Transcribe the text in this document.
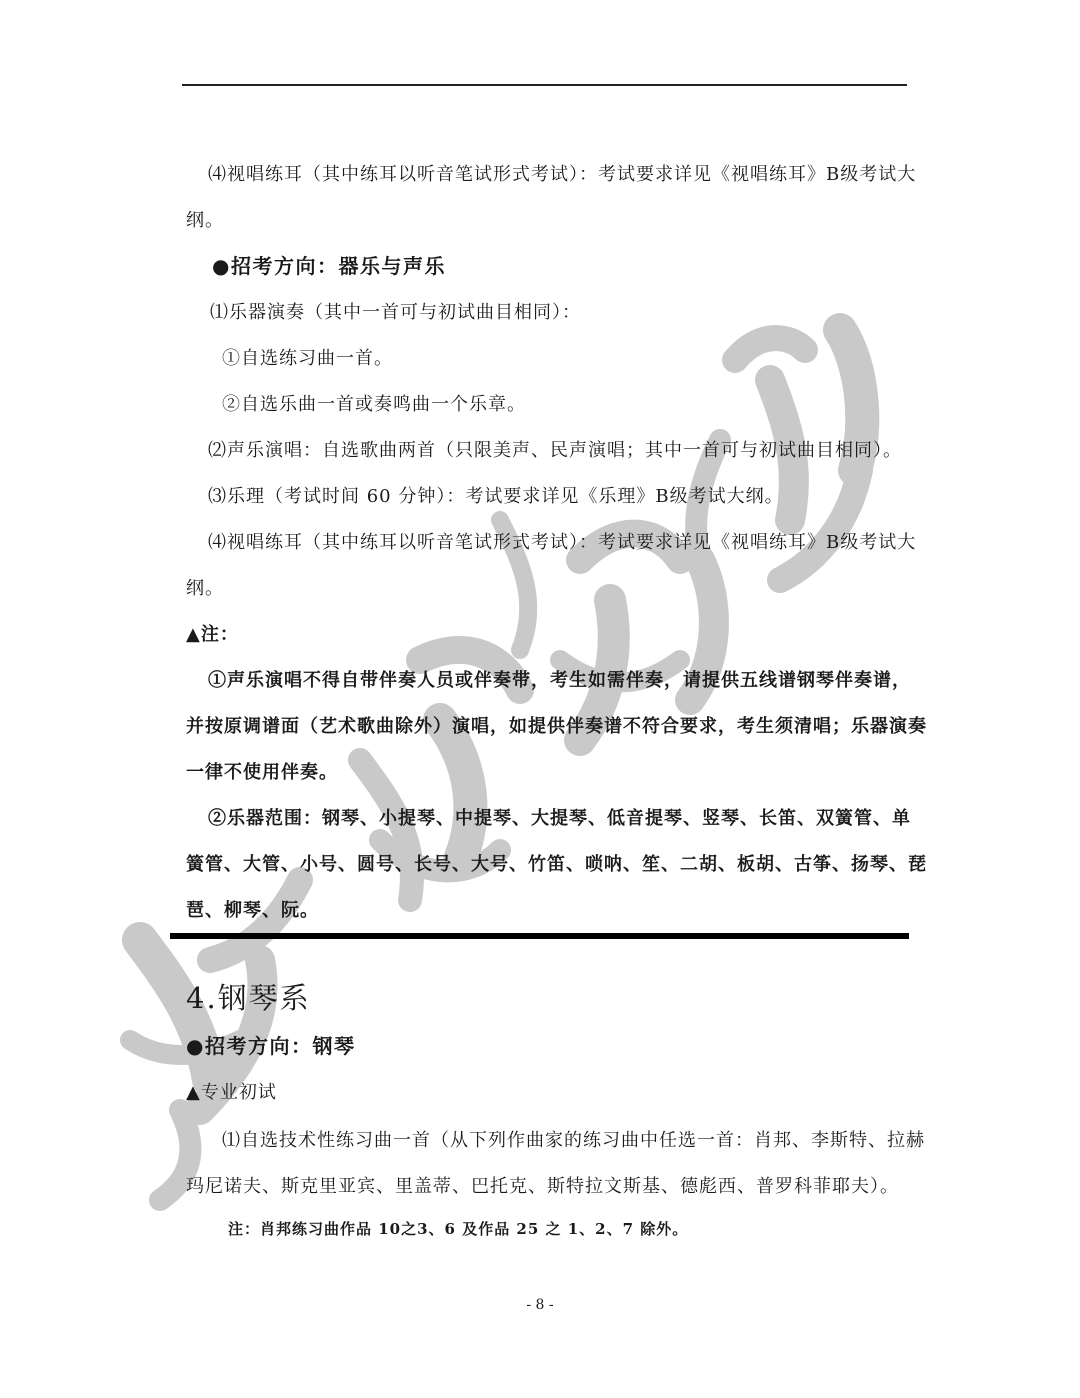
⑷视唱练耳（其中练耳以听音笔试形式考试）：考试要求详见《视唱练耳》B级考试大
纲。
●招考方向：器乐与声乐
⑴乐器演奏（其中一首可与初试曲目相同）：
①自选练习曲一首。
②自选乐曲一首或奏鸣曲一个乐章。
⑵声乐演唱：自选歌曲两首（只限美声、民声演唱；其中一首可与初试曲目相同）。
⑶乐理（考试时间 60 分钟）：考试要求详见《乐理》B级考试大纲。
⑷视唱练耳（其中练耳以听音笔试形式考试）：考试要求详见《视唱练耳》B级考试大
纲。
▲注：
①声乐演唱不得自带伴奏人员或伴奏带，考生如需伴奏，请提供五线谱钢琴伴奏谱，
并按原调谱面（艺术歌曲除外）演唱，如提供伴奏谱不符合要求，考生须清唱；乐器演奏
一律不使用伴奏。
②乐器范围：钢琴、小提琴、中提琴、大提琴、低音提琴、竖琴、长笛、双簧管、单
簧管、大管、小号、圆号、长号、大号、竹笛、唢呐、笙、二胡、板胡、古筝、扬琴、琵
琶、柳琴、阮。
4.钢琴系
●招考方向：钢琴
▲专业初试
⑴自选技术性练习曲一首（从下列作曲家的练习曲中任选一首：肖邦、李斯特、拉赫
玛尼诺夫、斯克里亚宾、里盖蒂、巴托克、斯特拉文斯基、德彪西、普罗科菲耶夫）。
注：肖邦练习曲作品 10之3、6 及作品 25 之 1、2、7 除外。
- 8 -
